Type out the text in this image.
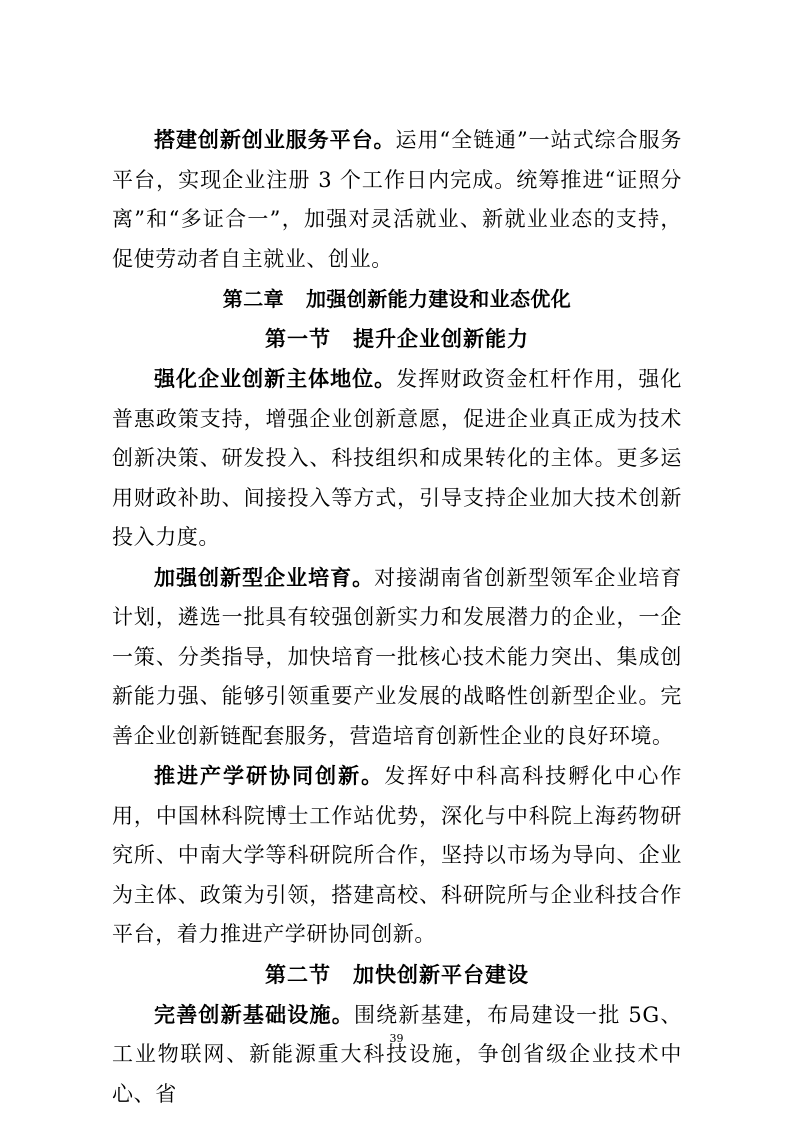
搭建创新创业服务平台。运用“全链通”一站式综合服务平台，实现企业注册 3 个工作日内完成。统筹推进“证照分离”和“多证合一”，加强对灵活就业、新就业业态的支持，促使劳动者自主就业、创业。

第二章 加强创新能力建设和业态优化
第一节 提升企业创新能力

强化企业创新主体地位。发挥财政资金杠杆作用，强化普惠政策支持，增强企业创新意愿，促进企业真正成为技术创新决策、研发投入、科技组织和成果转化的主体。更多运用财政补助、间接投入等方式，引导支持企业加大技术创新投入力度。

加强创新型企业培育。对接湖南省创新型领军企业培育计划，遴选一批具有较强创新实力和发展潜力的企业，一企一策、分类指导，加快培育一批核心技术能力突出、集成创新能力强、能够引领重要产业发展的战略性创新型企业。完善企业创新链配套服务，营造培育创新性企业的良好环境。

推进产学研协同创新。发挥好中科高科技孵化中心作用，中国林科院博士工作站优势，深化与中科院上海药物研究所、中南大学等科研院所合作，坚持以市场为导向、企业为主体、政策为引领，搭建高校、科研院所与企业科技合作平台，着力推进产学研协同创新。

第二节 加快创新平台建设

完善创新基础设施。围绕新基建，布局建设一批 5G、工业物联网、新能源重大科技设施，争创省级企业技术中心、省

39
